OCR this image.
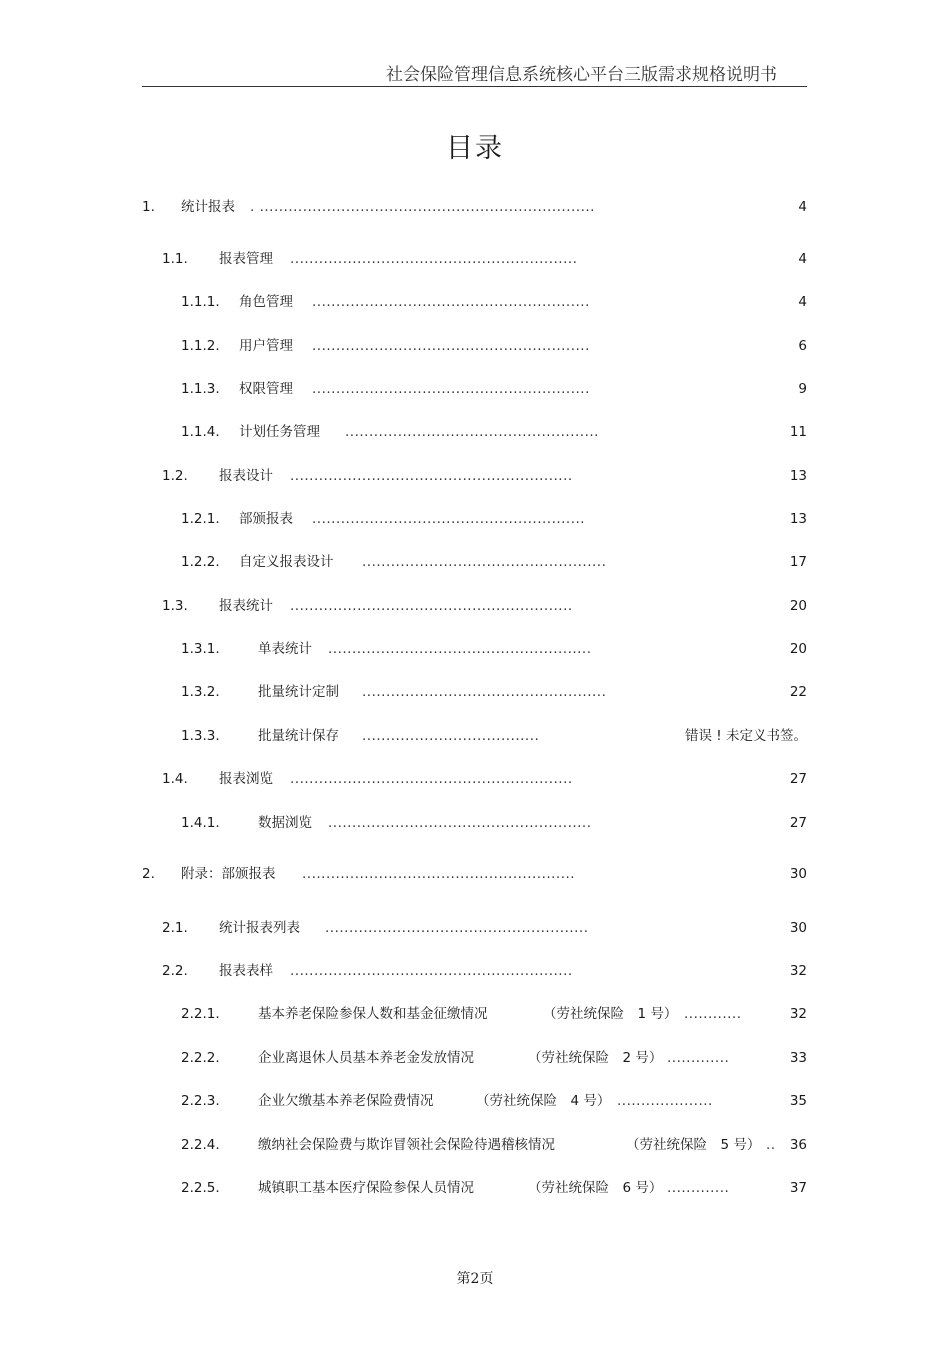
社会保险管理信息系统核心平台三版需求规格说明书
目录
1. 统计报表 . ......................................................................	4
1.1. 报表管理 ............................................................	4
1.1.1. 角色管理 ..........................................................	4
1.1.2. 用户管理 ..........................................................	6
1.1.3. 权限管理 ..........................................................	9
1.1.4. 计划任务管理 .....................................................	11
1.2. 报表设计 ...........................................................	13
1.2.1. 部颁报表 .........................................................	13
1.2.2. 自定义报表设计 ...................................................	17
1.3. 报表统计 ...........................................................	20
1.3.1.	单表统计 .......................................................	20
1.3.2.	批量统计定制 ...................................................	22
1.3.3.	批量统计保存 .....................................	错误 ! 未定义书签。
1.4. 报表浏览 ...........................................................	27
1.4.1.	数据浏览 .......................................................	27
2. 附录：部颁报表 .........................................................	30
2.1. 统计报表列表 .......................................................	30
2.2. 报表表样 ...........................................................	32
2.2.1.	基本养老保险参保人数和基金征缴情况	（劳社统保险　1 号） ............	32
2.2.2.	企业离退休人员基本养老金发放情况	（劳社统保险　2 号） .............	33
2.2.3.	企业欠缴基本养老保险费情况	（劳社统保险　4 号） ....................	35
2.2.4.	缴纳社会保险费与欺诈冒领社会保险待遇稽核情况	（劳社统保险　5 号） .. 36
2.2.5.	城镇职工基本医疗保险参保人员情况	（劳社统保险　6 号） .............	37
第2页
